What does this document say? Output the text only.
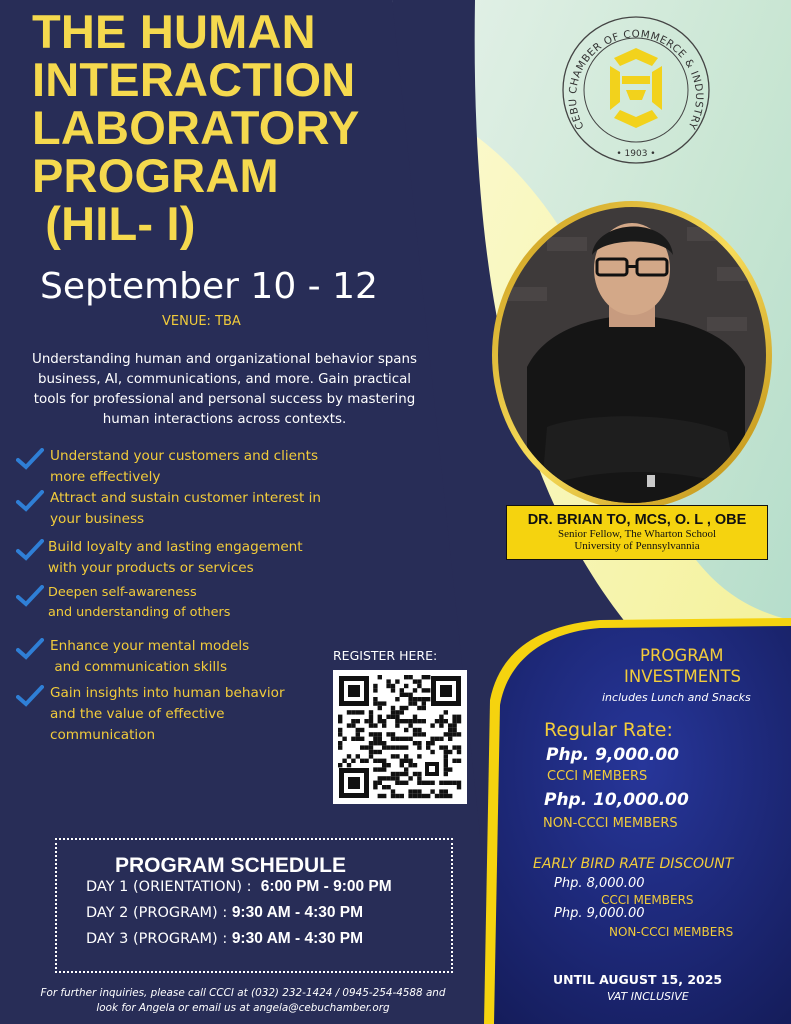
THE HUMAN
INTERACTION
LABORATORY
PROGRAM
(HIL- I)
September 10 - 12
VENUE: TBA
Understanding human and organizational behavior spans business, AI, communications, and more. Gain practical tools for professional and personal success by mastering human interactions across contexts.
Understand your customers and clients
more effectively
Attract and sustain customer interest in
your business
Build loyalty and lasting engagement
with your products or services
Deepen self-awareness
and understanding of others
Enhance your mental models
and communication skills
Gain insights into human behavior
and the value of effective
communication
REGISTER HERE:
PROGRAM SCHEDULE
DAY 1 (ORIENTATION) :  6:00 PM - 9:00 PM
DAY 2 (PROGRAM) : 9:30 AM - 4:30 PM
DAY 3 (PROGRAM) : 9:30 AM - 4:30 PM
For further inquiries, please call CCCI at (032) 232-1424 / 0945-254-4588 and
look for Angela or email us at angela@cebuchamber.org
CEBU CHAMBER OF COMMERCE & INDUSTRY
• 1903 •
DR. BRIAN TO, MCS, O. L , OBE
Senior Fellow, The Wharton School
University of Pennsylvannia
PROGRAM
INVESTMENTS
includes Lunch and Snacks
Regular Rate:
Php. 9,000.00
CCCI MEMBERS
Php. 10,000.00
NON-CCCI MEMBERS
EARLY BIRD RATE DISCOUNT
Php. 8,000.00
CCCI MEMBERS
Php. 9,000.00
NON-CCCI MEMBERS
UNTIL AUGUST 15, 2025
VAT INCLUSIVE
